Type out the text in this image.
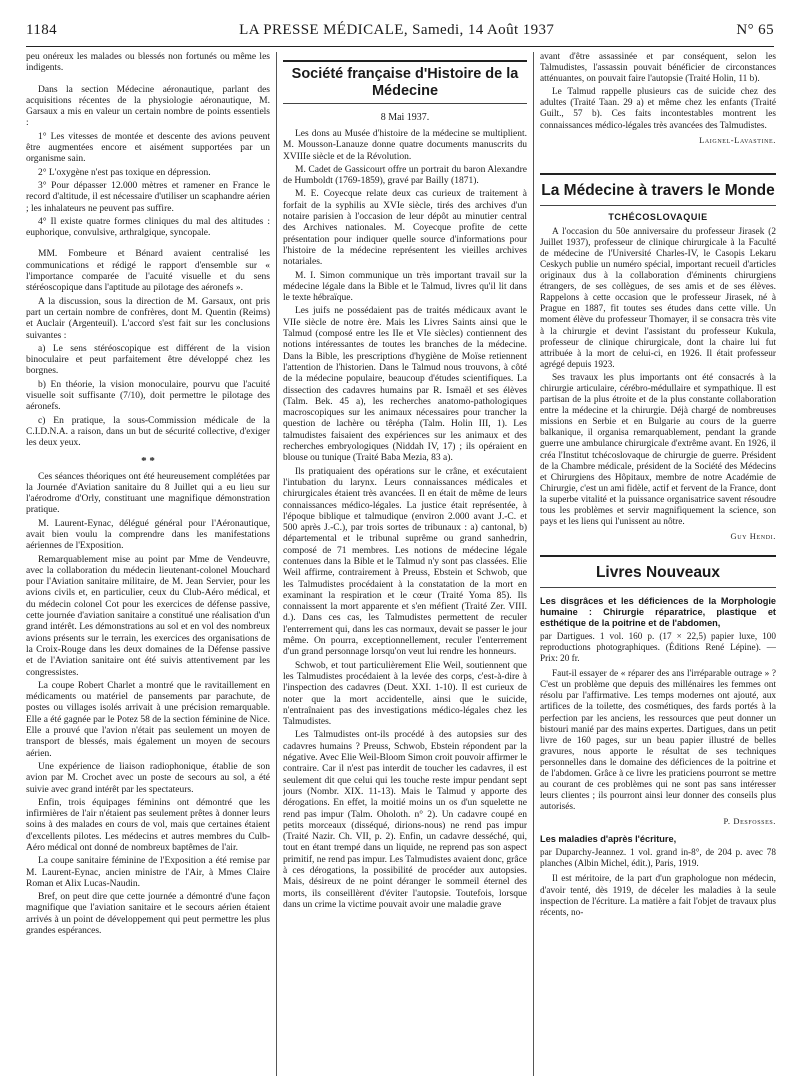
1184	LA PRESSE MÉDICALE, Samedi, 14 Août 1937	N° 65

peu onéreux les malades ou blessés non fortunés ou même les indigents.

Dans la section Médecine aéronautique, parlant des acquisitions récentes de la physiologie aéronautique, M. Garsaux a mis en valeur un certain nombre de points essentiels :

1° Les vitesses de montée et descente des avions peuvent être augmentées encore et aisément supportées par un organisme sain.

2° L'oxygène n'est pas toxique en dépression.

3° Pour dépasser 12.000 mètres et ramener en France le record d'altitude, il est nécessaire d'utiliser un scaphandre aérien ; les inhalateurs ne peuvent pas suffire.

4° Il existe quatre formes cliniques du mal des altitudes : euphorique, convulsive, arthralgique, syncopale.

MM. Fombeure et Bénard avaient centralisé les communications et rédigé le rapport d'ensemble sur « l'importance comparée de l'acuité visuelle et du sens stéréoscopique dans l'aptitude au pilotage des aéronefs ».

A la discussion, sous la direction de M. Garsaux, ont pris part un certain nombre de confrères, dont M. Quentin (Reims) et Auclair (Argenteuil). L'accord s'est fait sur les conclusions suivantes :

a) Le sens stéréoscopique est différent de la vision binoculaire et peut parfaitement être développé chez les borgnes.

b) En théorie, la vision monoculaire, pourvu que l'acuité visuelle soit suffisante (7/10), doit permettre le pilotage des aéronefs.

c) En pratique, la sous-Commission médicale de la C.I.D.N.A. a raison, dans un but de sécurité collective, d'exiger les deux yeux.

* *

Ces séances théoriques ont été heureusement complétées par la Journée d'Aviation sanitaire du 8 Juillet qui a eu lieu sur l'aérodrome d'Orly, constituant une magnifique démonstration pratique.

M. Laurent-Eynac, délégué général pour l'Aéronautique, avait bien voulu la comprendre dans les manifestations aériennes de l'Exposition.

Remarquablement mise au point par Mme de Vendeuvre, avec la collaboration du médecin lieutenant-colonel Mouchard pour l'Aviation sanitaire militaire, de M. Jean Servier, pour les avions civils et, en particulier, ceux du Club-Aéro médical, et du médecin colonel Cot pour les exercices de défense passive, cette journée d'aviation sanitaire a constitué une réalisation d'un grand intérêt. Les démonstrations au sol et en vol des nombreux avions présents sur le terrain, les exercices des organisations de la Croix-Rouge dans les deux domaines de la Défense passive et de l'Aviation sanitaire ont été suivis attentivement par les congressistes.

La coupe Robert Charlet a montré que le ravitaillement en médicaments ou matériel de pansements par parachute, de postes ou villages isolés arrivait à une précision remarquable. Elle a été gagnée par le Potez 58 de la section féminine de Nice. Elle a prouvé que l'avion n'était pas seulement un moyen de transport de blessés, mais également un moyen de secours aérien.

Une expérience de liaison radiophonique, établie de son avion par M. Crochet avec un poste de secours au sol, a été suivie avec grand intérêt par les spectateurs.

Enfin, trois équipages féminins ont démontré que les infirmières de l'air n'étaient pas seulement prêtes à donner leurs soins à des malades en cours de vol, mais que certaines étaient d'excellents pilotes. Les médecins et autres membres du Culb-Aéro médical ont donné de nombreux baptêmes de l'air.

La coupe sanitaire féminine de l'Exposition a été remise par M. Laurent-Eynac, ancien ministre de l'Air, à Mmes Claire Roman et Alix Lucas-Naudin.

Bref, on peut dire que cette journée a démontré d'une façon magnifique que l'aviation sanitaire et le secours aérien étaient arrivés à un point de développement qui peut permettre les plus grandes espérances.

Société française d'Histoire de la Médecine
8 Mai 1937.

Les dons au Musée d'histoire de la médecine se multiplient. M. Mousson-Lanauze donne quatre documents manuscrits du XVIIIe siècle et de la Révolution.

M. Cadet de Gassicourt offre un portrait du baron Alexandre de Humboldt (1769-1859), gravé par Bailly (1871).

M. E. Coyecque relate deux cas curieux de traitement à forfait de la syphilis au XVIe siècle, tirés des archives d'un notaire parisien à l'occasion de leur dépôt au minutier central des Archives nationales. M. Coyecque profite de cette présentation pour indiquer quelle source d'informations pour l'histoire de la médecine représentent les vieilles archives notariales.

M. I. Simon communique un très important travail sur la médecine légale dans la Bible et le Talmud, livres qu'il lit dans le texte hébraïque.

Les juifs ne possédaient pas de traités médicaux avant le VIIe siècle de notre ère. Mais les Livres Saints ainsi que le Talmud (composé entre les IIe et VIe siècles) contiennent des notions intéressantes de toutes les branches de la médecine. Dans la Bible, les prescriptions d'hygiène de Moïse retiennent l'attention de l'historien. Dans le Talmud nous trouvons, à côté de la médecine populaire, beaucoup d'études scientifiques. La dissection des cadavres humains par R. Ismaël et ses élèves (Talm. Bek. 45 a), les recherches anatomo-pathologiques macroscopiques sur les animaux nécessaires pour trancher la question de lachère ou têrépha (Talm. Holin III, 1). Les talmudistes faisaient des expériences sur les animaux et des recherches embryologiques (Niddah IV, 17) ; ils opéraient en blouse ou tunique (Traité Baba Mezia, 83 a).

Ils pratiquaient des opérations sur le crâne, et exécutaient l'intubation du larynx. Leurs connaissances médicales et chirurgicales étaient très avancées. Il en était de même de leurs connaissances médico-légales. La justice était représentée, à l'époque biblique et talmudique (environ 2.000 avant J.-C. et 500 après J.-C.), par trois sortes de tribunaux : a) cantonal, b) départemental et le tribunal suprême ou grand sanhedrin, composé de 71 membres. Les notions de médecine légale contenues dans la Bible et le Talmud n'y sont pas classées. Elie Weil affirme, contrairement à Preuss, Ebstein et Schwob, que les Talmudistes procédaient à la constatation de la mort en examinant la respiration et le cœur (Traité Yoma 85). Ils connaissent la mort apparente et s'en méfient (Traité Zer. VIII. d.). Dans ces cas, les Talmudistes permettent de reculer l'enterrement qui, dans les cas normaux, devait se passer le jour même. On pourra, exceptionnellement, reculer l'enterrement d'un grand personnage lorsqu'on veut lui rendre les honneurs.

Schwob, et tout particulièrement Elie Weil, soutiennent que les Talmudistes procédaient à la levée des corps, c'est-à-dire à l'inspection des cadavres (Deut. XXI. 1-10). Il est curieux de noter que la mort accidentelle, ainsi que le suicide, n'entraînaient pas des investigations médico-légales chez les Talmudistes.

Les Talmudistes ont-ils procédé à des autopsies sur des cadavres humains ? Preuss, Schwob, Ebstein répondent par la négative. Avec Elie Weil-Bloom Simon croit pouvoir affirmer le contraire. Car il n'est pas interdit de toucher les cadavres, il est seulement dit que celui qui les touche reste impur pendant sept jours (Nombr. XIX. 11-13). Mais le Talmud y apporte des dérogations. En effet, la moitié moins un os d'un squelette ne rend pas impur (Talm. Oholoth. n° 2). Un cadavre coupé en petits morceaux (disséqué, dirions-nous) ne rend pas impur (Traité Nazir. Ch. VII, p. 2). Enfin, un cadavre desséché, qui, tout en étant trempé dans un liquide, ne reprend pas son aspect primitif, ne rend pas impur. Les Talmudistes avaient donc, grâce à ces dérogations, la possibilité de procéder aux autopsies. Mais, désireux de ne point déranger le sommeil éternel des morts, ils conseillèrent d'éviter l'autopsie. Toutefois, lorsque dans un crime la victime pouvait avoir une maladie grave

avant d'être assassinée et par conséquent, selon les Talmudistes, l'assassin pouvait bénéficier de circonstances atténuantes, on pouvait faire l'autopsie (Traité Holin, 11 b).

Le Talmud rappelle plusieurs cas de suicide chez des adultes (Traité Taan. 29 a) et même chez les enfants (Traité Guilt., 57 b). Ces faits incontestables montrent les connaissances médico-légales très avancées des Talmudistes.

Laignel-Lavastine.
La Médecine à travers le Monde
TCHÉCOSLOVAQUIE

A l'occasion du 50e anniversaire du professeur Jirasek (2 Juillet 1937), professeur de clinique chirurgicale à la Faculté de médecine de l'Université Charles-IV, le Casopis Lekaru Ceskych publie un numéro spécial, important recueil d'articles originaux dus à la collaboration d'éminents chirurgiens étrangers, de ses collègues, de ses amis et de ses élèves. Rappelons à cette occasion que le professeur Jirasek, né à Prague en 1887, fit toutes ses études dans cette ville. Un moment élève du professeur Thomayer, il se consacra très vite à la chirurgie et devint l'assistant du professeur Kukula, professeur de clinique chirurgicale, dont la chaire lui fut attribuée à la mort de celui-ci, en 1926. Il était professeur agrégé depuis 1923.

Ses travaux les plus importants ont été consacrés à la chirurgie articulaire, cérébro-médullaire et sympathique. Il est partisan de la plus étroite et de la plus constante collaboration entre la médecine et la chirurgie. Déjà chargé de nombreuses missions en Serbie et en Bulgarie au cours de la guerre balkanique, il organisa remarquablement, pendant la grande guerre une ambulance chirurgicale d'extrême avant. En 1926, il créa l'Institut tchécoslovaque de chirurgie de guerre. Président de la Chambre médicale, président de la Société des Médecins et Chirurgiens des Hôpitaux, membre de notre Académie de Chirurgie, c'est un ami fidèle, actif et fervent de la France, dont la superbe vitalité et la puissance organisatrice savent résoudre tous les problèmes et servir magnifiquement la science, son pays et les liens qui l'unissent au nôtre.

Guy Hendi.
Livres Nouveaux
Les disgrâces et les déficiences de la Morphologie humaine : Chirurgie réparatrice, plastique et esthétique de la poitrine et de l'abdomen,
par Dartigues. 1 vol. 160 p. (17 × 22,5) papier luxe, 100 reproductions photographiques. (Éditions René Lépine). — Prix: 20 fr.

Faut-il essayer de « réparer des ans l'irréparable outrage » ? C'est un problème que depuis des millénaires les femmes ont résolu par l'affirmative. Les temps modernes ont ajouté, aux artifices de la toilette, des cosmétiques, des fards portés à la perfection par les anciens, les ressources que peut donner un bistouri manié par des mains expertes. Dartigues, dans un petit livre de 160 pages, sur un beau papier illustré de belles gravures, nous apporte le résultat de ses techniques personnelles dans le domaine des déficiences de la poitrine et de l'abdomen. Grâce à ce livre les praticiens pourront se mettre au courant de ces problèmes qui ne sont pas sans intéresser leurs clientes ; ils pourront ainsi leur donner des conseils plus autorisés.

P. Desfosses.
Les maladies d'après l'écriture,
par Duparchy-Jeannez. 1 vol. grand in-8°, de 204 p. avec 78 planches (Albin Michel, édit.), Paris, 1919.

Il est méritoire, de la part d'un graphologue non médecin, d'avoir tenté, dès 1919, de déceler les maladies à la seule inspection de l'écriture. La matière a fait l'objet de travaux plus récents, no-
